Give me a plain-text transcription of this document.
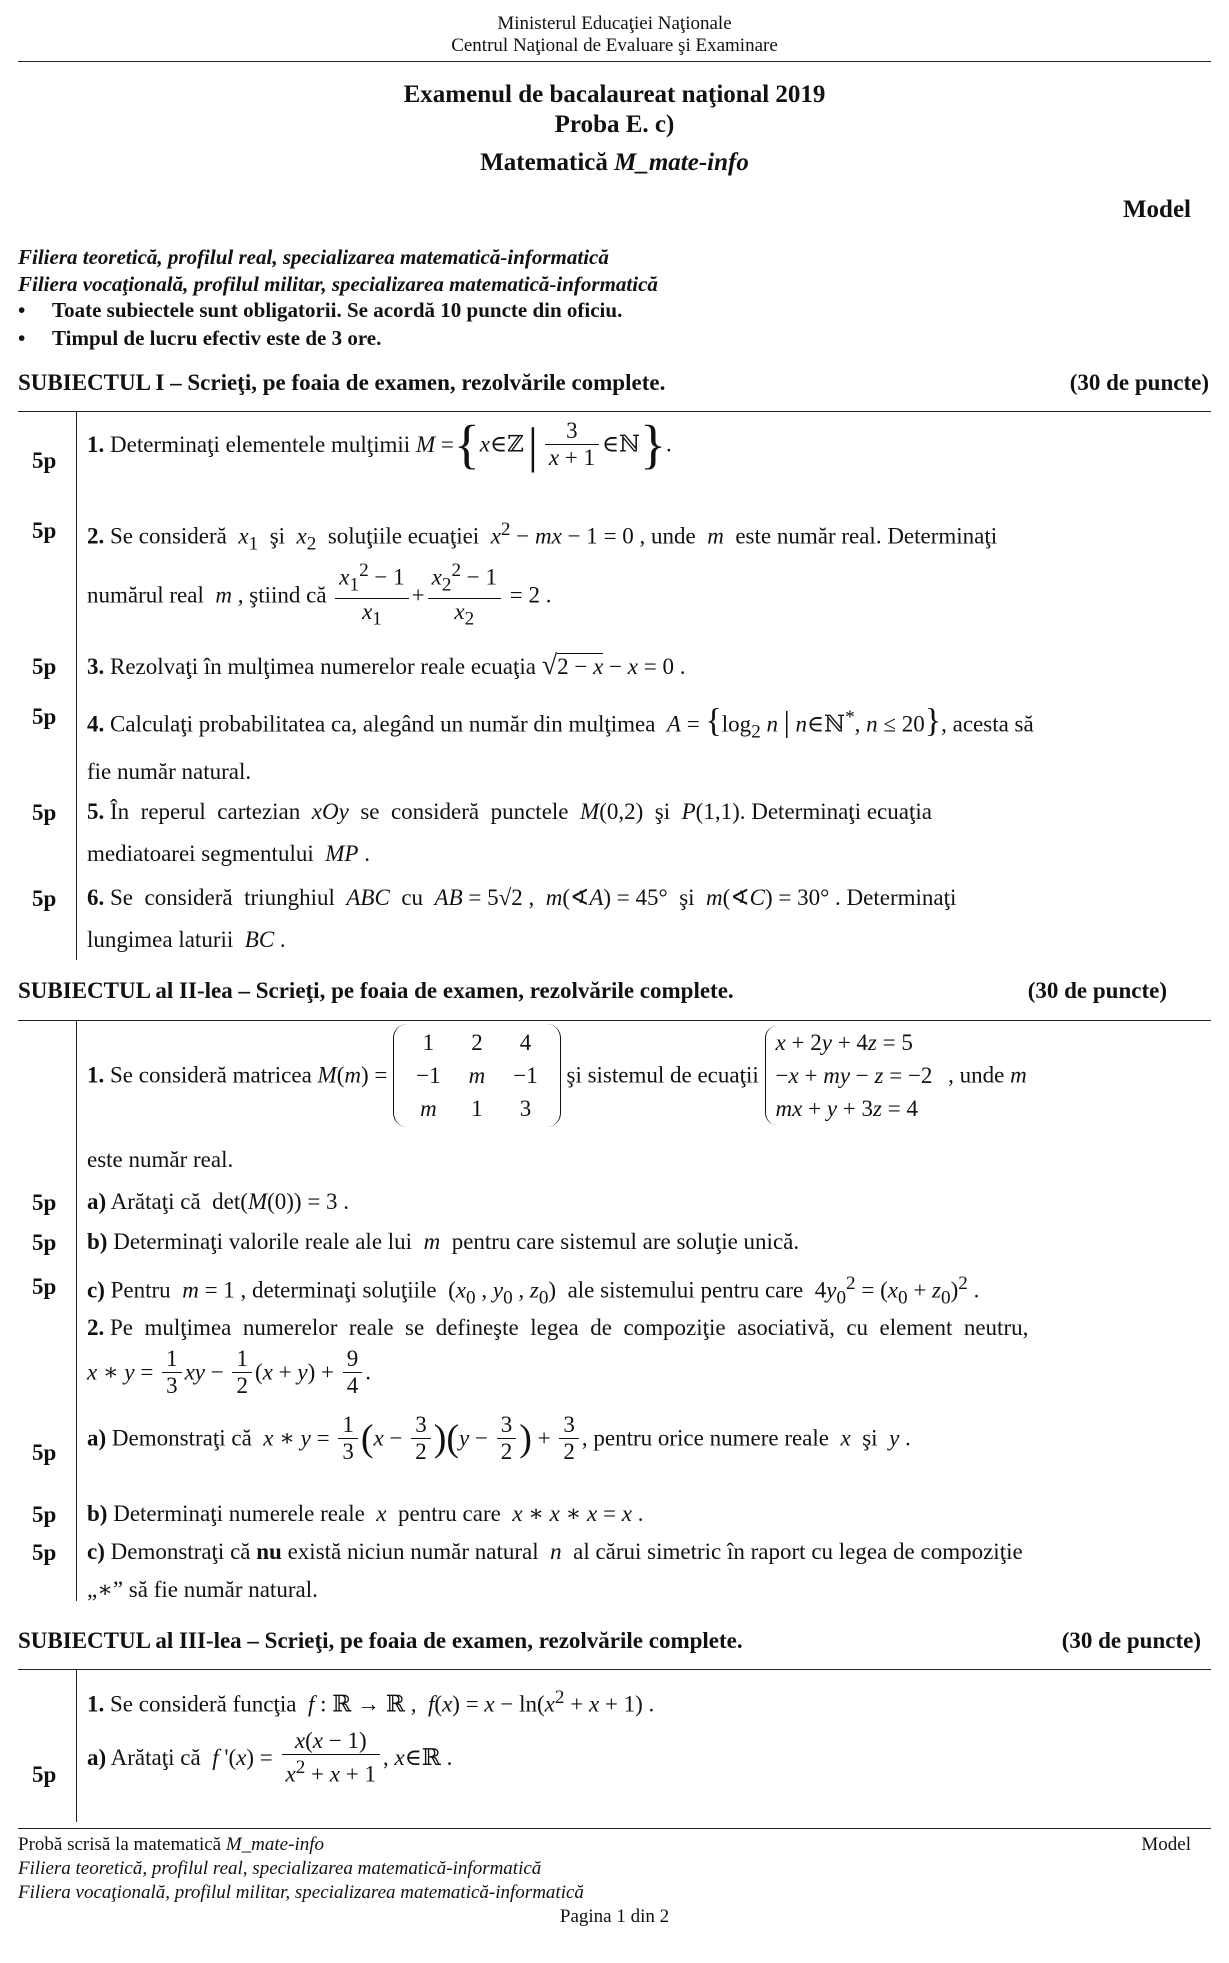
Ministerul Educaţiei Naţionale
Centrul Naţional de Evaluare şi Examinare
Examenul de bacalaureat naţional 2019
Proba E. c)
Matematică M_mate-info
Model
Filiera teoretică, profilul real, specializarea matematică-informatică
Filiera vocaţională, profilul militar, specializarea matematică-informatică
• Toate subiectele sunt obligatorii. Se acordă 10 puncte din oficiu.
• Timpul de lucru efectiv este de 3 ore.
SUBIECTUL I – Scrieţi, pe foaia de examen, rezolvările complete.	(30 de puncte)
5p
1. Determinaţi elementele mulţimii M ={x∈ℤ| $\frac{3}{x + 1}$ ∈ℕ}.
5p 2. Se consideră  $x_1$  şi  $x_2$  soluţiile ecuaţiei  $x^2$ − mx − 1 = 0 , unde  m  este număr real. Determinaţi
numărul real  m , ştiind că $\frac{x_1^2 - 1}{x_1} + \frac{x_2^2 - 1}{x_2} = 2$ .
5p 3. Rezolvaţi în mulţimea numerelor reale ecuaţia √2 − x − x = 0 .
5p 4. Calculaţi probabilitatea ca, alegând un număr din mulţimea  $A = \{\log_2$ n | n∈ℕ*, n ≤ 20}, acesta să
fie număr natural.
5p 5. În  reperul  cartezian  xOy  se  consideră  punctele  M(0,2)  şi  P(1,1). Determinaţi ecuaţia
mediatoarei segmentului  MP .
5p 6. Se  consideră  triunghiul  ABC  cu  AB = 5√2 ,  m(∢A) = 45°  şi  m(∢C) = 30° . Determinaţi
lungimea laturii  BC .
SUBIECTUL al II-lea – Scrieţi, pe foaia de examen, rezolvările complete.	(30 de puncte)
1. Se consideră matricea M(m) =
1	2	4
−1	m	−1
m	1	3
şi sistemul de ecuaţii
x + 2y + 4z = 5
−x + my − z = −2
mx + y + 3z = 4
, unde m
este număr real.
5p a) Arătaţi că  det(M(0)) = 3 .
5p b) Determinaţi valorile reale ale lui  m  pentru care sistemul are soluţie unică.
5p c) Pentru  m = 1 , determinaţi soluţiile  ($x_0$ , $y_0$ , $z_0$)  ale sistemului pentru care  $4y_0^2 = (x_0 + z_0)^2$ .
2. Pe  mulţimea  numerelor  reale  se  defineşte  legea  de  compoziţie  asociativă,  cu  element  neutru,
x ∗ $y = \frac{1}{3}$ xy − $\frac{1}{2} (x + y) + \frac{9}{4}$ .
5p
a) Demonstraţi că  x ∗ $y = \frac{1}{3} (x - \frac{3}{2} )(y - \frac{3}{2}$ ) + $\frac{3}{2}$ , pentru orice numere reale  x  şi  y .
5p b) Determinaţi numerele reale  x  pentru care  x ∗ x ∗ x = x .
5p c) Demonstraţi că nu există niciun număr natural  n  al cărui simetric în raport cu legea de compoziţie
„∗” să fie număr natural.
SUBIECTUL al III-lea – Scrieţi, pe foaia de examen, rezolvările complete.	(30 de puncte)
1. Se consideră funcţia  f : ℝ → ℝ ,  $f(x) = x - \ln(x^2 + x + 1)$ .
5p
a) Arătaţi că  f '$(x) = \frac{x(x - 1)}{x^2 + x + 1}$ , x∈ℝ .
Probă scrisă la matematică M_mate-info	Model
Filiera teoretică, profilul real, specializarea matematică-informatică
Filiera vocaţională, profilul militar, specializarea matematică-informatică
Pagina 1 din 2
